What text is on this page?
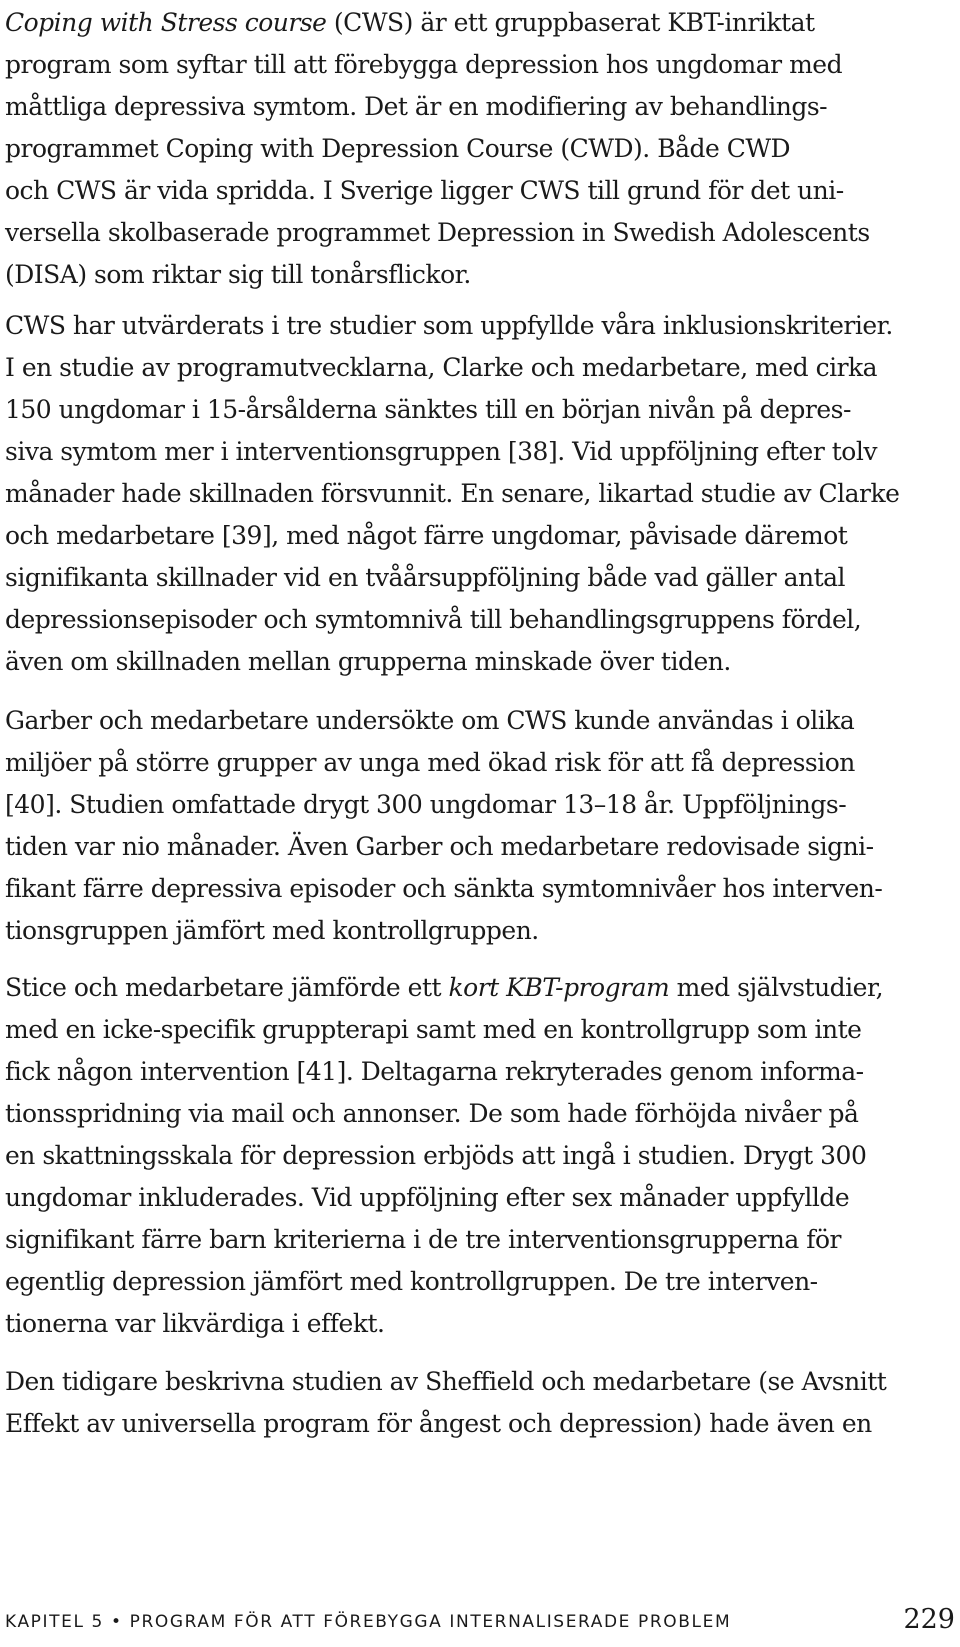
Coping with Stress course (CWS) är ett gruppbaserat KBT-inriktat
program som syftar till att förebygga depression hos ungdomar med
måttliga depressiva symtom. Det är en modifiering av behandlings-
programmet Coping with Depression Course (CWD). Både CWD
och CWS är vida spridda. I Sverige ligger CWS till grund för det uni-
versella skolbaserade programmet Depression in Swedish Adolescents
(DISA) som riktar sig till tonårsflickor.
CWS har utvärderats i tre studier som uppfyllde våra inklusionskriterier.
I en studie av programutvecklarna, Clarke och medarbetare, med cirka
150 ungdomar i 15-årsålderna sänktes till en början nivån på depres-
siva symtom mer i interventionsgruppen [38]. Vid uppföljning efter tolv
månader hade skillnaden försvunnit. En senare, likartad studie av Clarke
och medarbetare [39], med något färre ungdomar, påvisade däremot
signifikanta skillnader vid en tvåårsuppföljning både vad gäller antal
depressionsepisoder och symtomnivå till behandlingsgruppens fördel,
även om skillnaden mellan grupperna minskade över tiden.
Garber och medarbetare undersökte om CWS kunde användas i olika
miljöer på större grupper av unga med ökad risk för att få depression
[40]. Studien omfattade drygt 300 ungdomar 13–18 år. Uppföljnings-
tiden var nio månader. Även Garber och medarbetare redovisade signi-
fikant färre depressiva episoder och sänkta symtomnivåer hos interven-
tionsgruppen jämfört med kontrollgruppen.
Stice och medarbetare jämförde ett kort KBT-program med självstudier,
med en icke-specifik gruppterapi samt med en kontrollgrupp som inte
fick någon intervention [41]. Deltagarna rekryterades genom informa-
tionsspridning via mail och annonser. De som hade förhöjda nivåer på
en skattningsskala för depression erbjöds att ingå i studien. Drygt 300
ungdomar inkluderades. Vid uppföljning efter sex månader uppfyllde
signifikant färre barn kriterierna i de tre interventionsgrupperna för
egentlig depression jämfört med kontrollgruppen. De tre interven-
tionerna var likvärdiga i effekt.
Den tidigare beskrivna studien av Sheffield och medarbetare (se Avsnitt
Effekt av universella program för ångest och depression) hade även en
KAPITEL 5 • PROGRAM FÖR ATT FÖREBYGGA INTERNALISERADE PROBLEM	229
